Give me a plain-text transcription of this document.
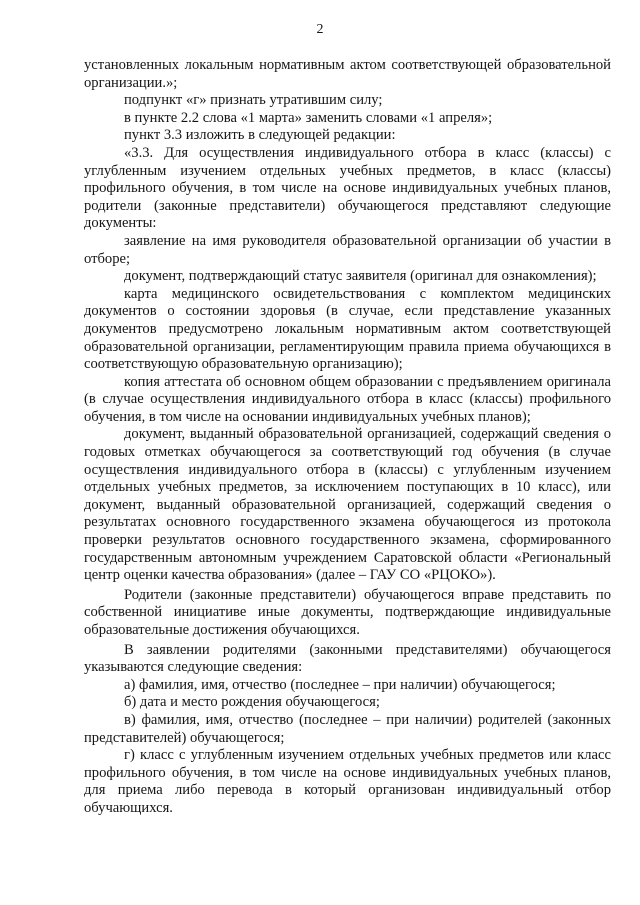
2

установленных локальным нормативным актом соответствующей образовательной организации.»;

подпункт «г» признать утратившим силу;

в пункте 2.2 слова «1 марта» заменить словами «1 апреля»;

пункт 3.3 изложить в следующей редакции:

«3.3. Для осуществления индивидуального отбора в класс (классы) с углубленным изучением отдельных учебных предметов, в класс (классы) профильного обучения, в том числе на основе индивидуальных учебных планов, родители (законные представители) обучающегося представляют следующие документы:

заявление на имя руководителя образовательной организации об участии в отборе;

документ, подтверждающий статус заявителя (оригинал для ознакомления);

карта медицинского освидетельствования с комплектом медицинских документов о состоянии здоровья (в случае, если представление указанных документов предусмотрено локальным нормативным актом соответствующей образовательной организации, регламентирующим правила приема обучающихся в соответствующую образовательную организацию);

копия аттестата об основном общем образовании с предъявлением оригинала (в случае осуществления индивидуального отбора в класс (классы) профильного обучения, в том числе на основании индивидуальных учебных планов);

документ, выданный образовательной организацией, содержащий сведения о годовых отметках обучающегося за соответствующий год обучения (в случае осуществления индивидуального отбора в (классы) с углубленным изучением отдельных учебных предметов, за исключением поступающих в 10 класс), или документ, выданный образовательной организацией, содержащий сведения о результатах основного государственного экзамена обучающегося из протокола проверки результатов основного государственного экзамена, сформированного государственным автономным учреждением Саратовской области «Региональный центр оценки качества образования» (далее – ГАУ СО «РЦОКО»).

Родители (законные представители) обучающегося вправе представить по собственной инициативе иные документы, подтверждающие индивидуальные образовательные достижения обучающихся.

В заявлении родителями (законными представителями) обучающегося указываются следующие сведения:

а) фамилия, имя, отчество (последнее – при наличии) обучающегося;

б) дата и место рождения обучающегося;

в) фамилия, имя, отчество (последнее – при наличии) родителей (законных представителей) обучающегося;

г) класс с углубленным изучением отдельных учебных предметов или класс профильного обучения, в том числе на основе индивидуальных учебных планов, для приема либо перевода в который организован индивидуальный отбор обучающихся.
